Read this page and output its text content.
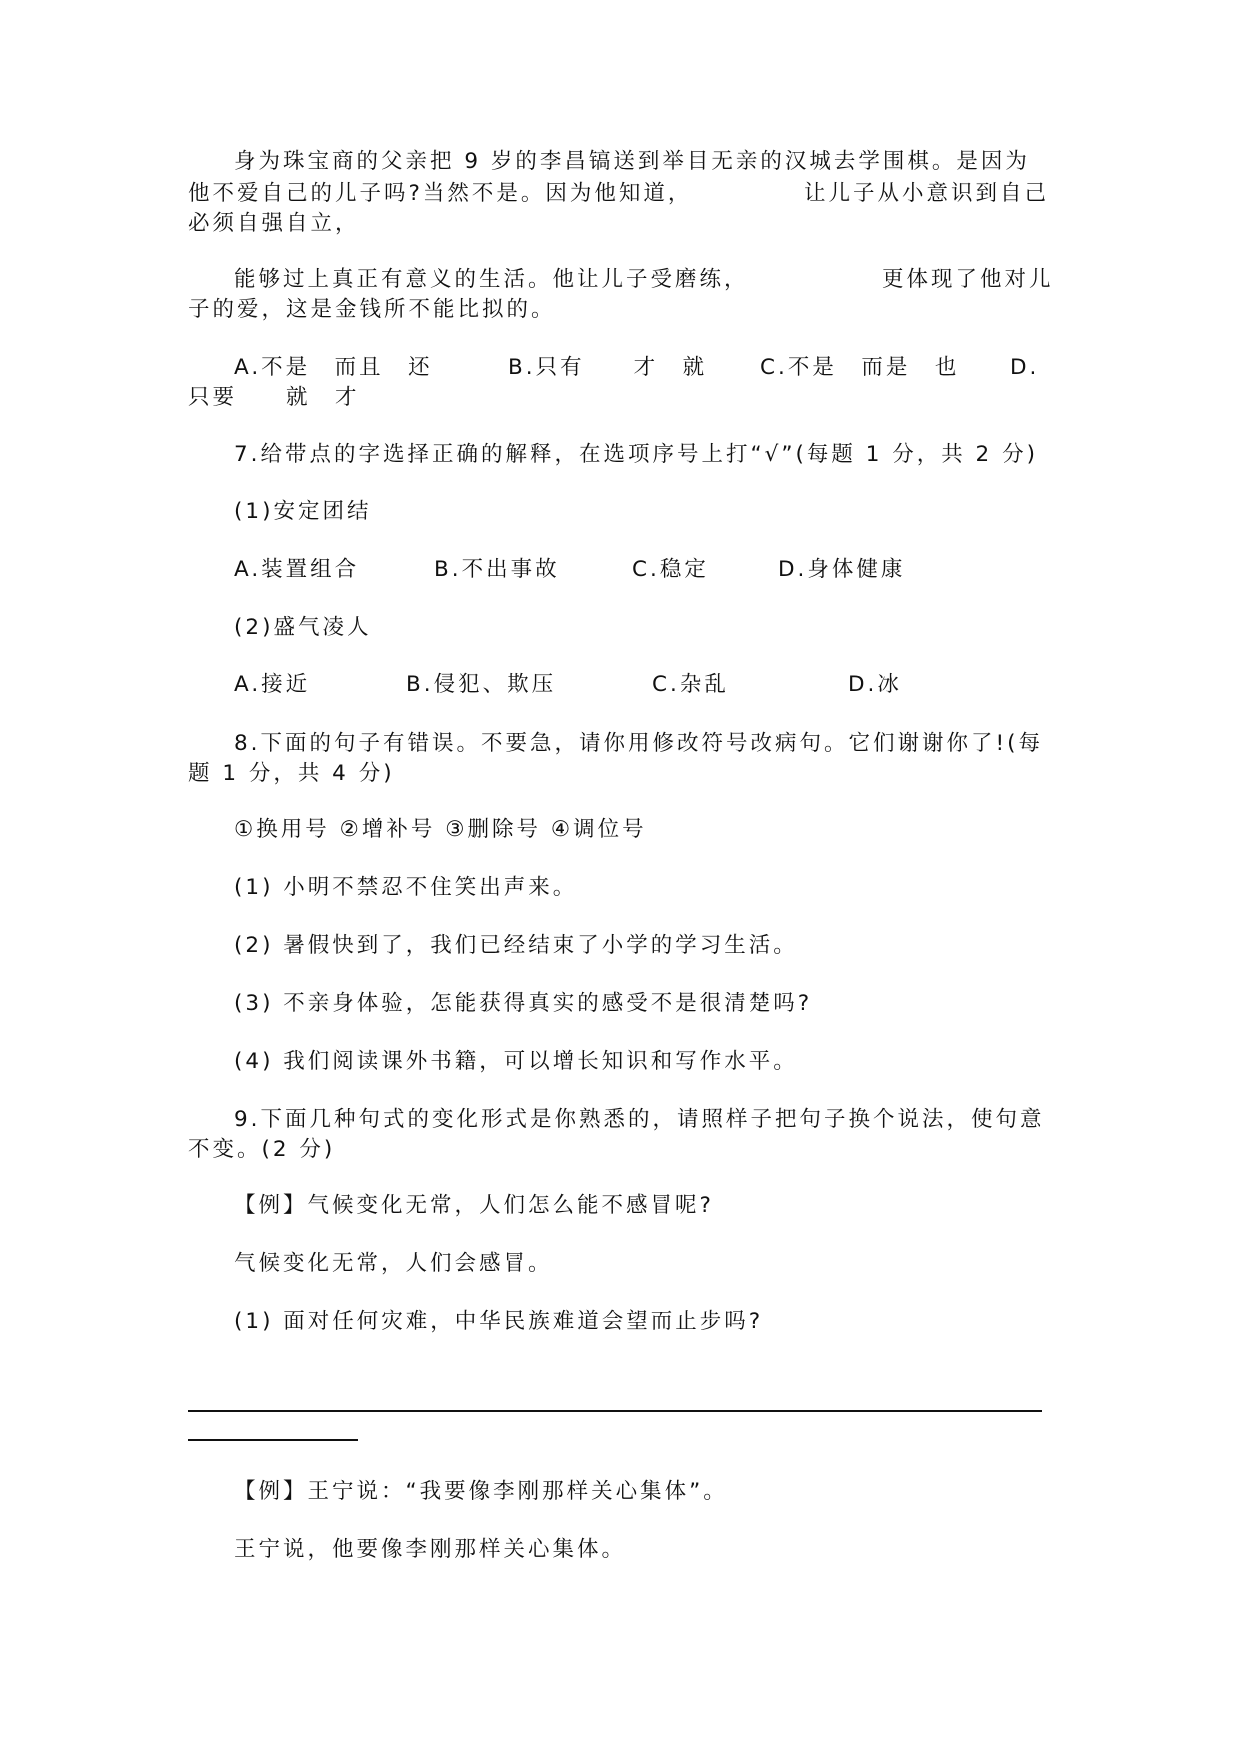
身为珠宝商的父亲把 9 岁的李昌镐送到举目无亲的汉城去学围棋。是因为
他不爱自己的儿子吗?当然不是。因为他知道，	让儿子从小意识到自己
必须自强自立，
能够过上真正有意义的生活。他让儿子受磨练，	更体现了他对儿
子的爱，这是金钱所不能比拟的。
A.不是　而且　还	B.只有　　才　就 C.不是　而是　也 D.
只要　　就　才
7.给带点的字选择正确的解释，在选项序号上打“√”(每题 1 分，共 2 分)
(1)安定团结
A.装置组合	B.不出事故	C.稳定	D.身体健康
(2)盛气凌人
A.接近	B.侵犯、欺压	C.杂乱	D.冰
8.下面的句子有错误。不要急，请你用修改符号改病句。它们谢谢你了!(每
题 1 分，共 4 分)
①换用号 ②增补号 ③删除号 ④调位号
(1) 小明不禁忍不住笑出声来。
(2) 暑假快到了，我们已经结束了小学的学习生活。
(3) 不亲身体验，怎能获得真实的感受不是很清楚吗?
(4) 我们阅读课外书籍，可以增长知识和写作水平。
9.下面几种句式的变化形式是你熟悉的，请照样子把句子换个说法，使句意
不变。(2 分)
【例】气候变化无常，人们怎么能不感冒呢?
气候变化无常，人们会感冒。
(1) 面对任何灾难，中华民族难道会望而止步吗?
【例】王宁说：“我要像李刚那样关心集体”。
王宁说，他要像李刚那样关心集体。
